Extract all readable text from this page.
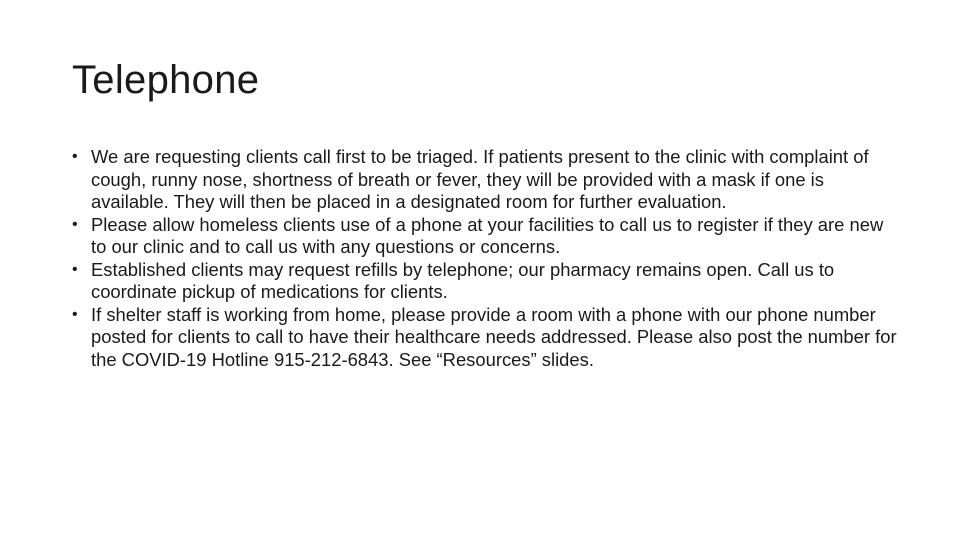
Telephone
• We are requesting clients call first to be triaged. If patients present to the clinic with complaint of cough, runny nose, shortness of breath or fever, they will be provided with a mask if one is available. They will then be placed in a designated room for further evaluation.
• Please allow homeless clients use of a phone at your facilities to call us to register if they are new to our clinic and to call us with any questions or concerns.
• Established clients may request refills by telephone; our pharmacy remains open. Call us to coordinate pickup of medications for clients.
• If shelter staff is working from home, please provide a room with a phone with our phone number posted for clients to call to have their healthcare needs addressed. Please also post the number for the COVID-19 Hotline 915-212-6843. See “Resources” slides.
